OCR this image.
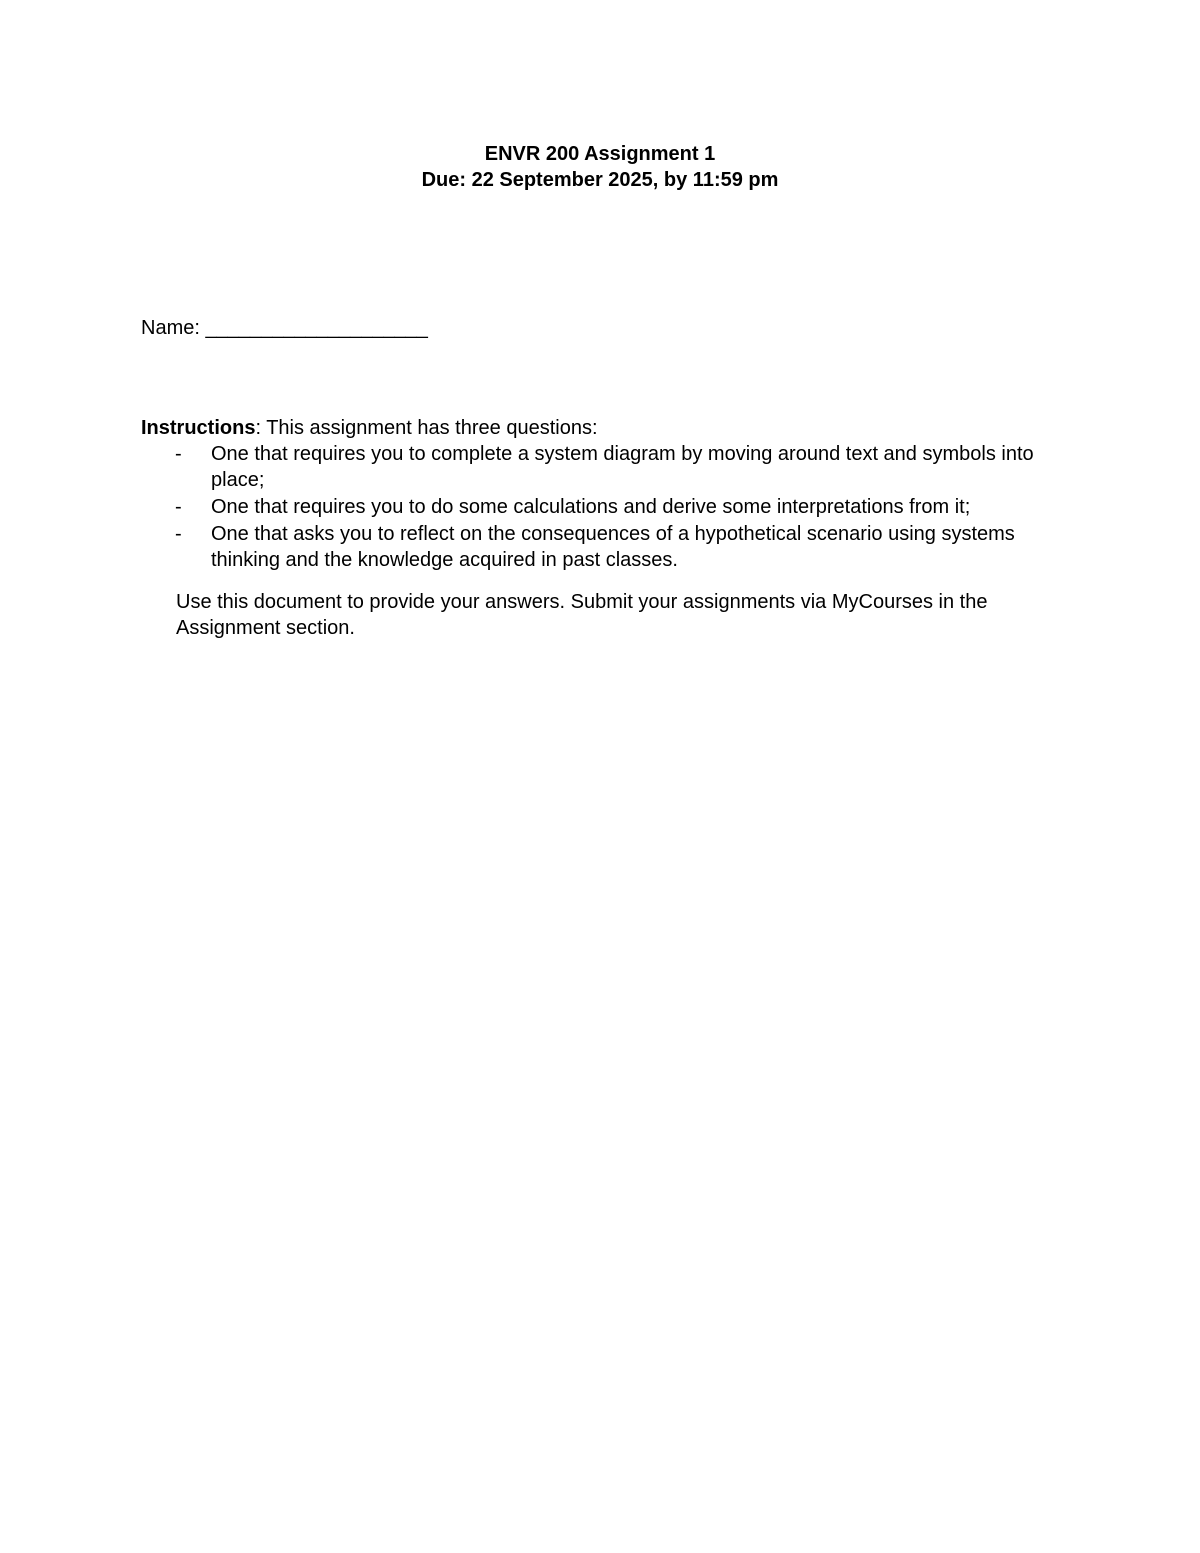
ENVR 200 Assignment 1
Due: 22 September 2025, by 11:59 pm
Name: ____________________
Instructions: This assignment has three questions:
- One that requires you to complete a system diagram by moving around text and symbols into place;
- One that requires you to do some calculations and derive some interpretations from it;
- One that asks you to reflect on the consequences of a hypothetical scenario using systems thinking and the knowledge acquired in past classes.
Use this document to provide your answers. Submit your assignments via MyCourses in the Assignment section.
